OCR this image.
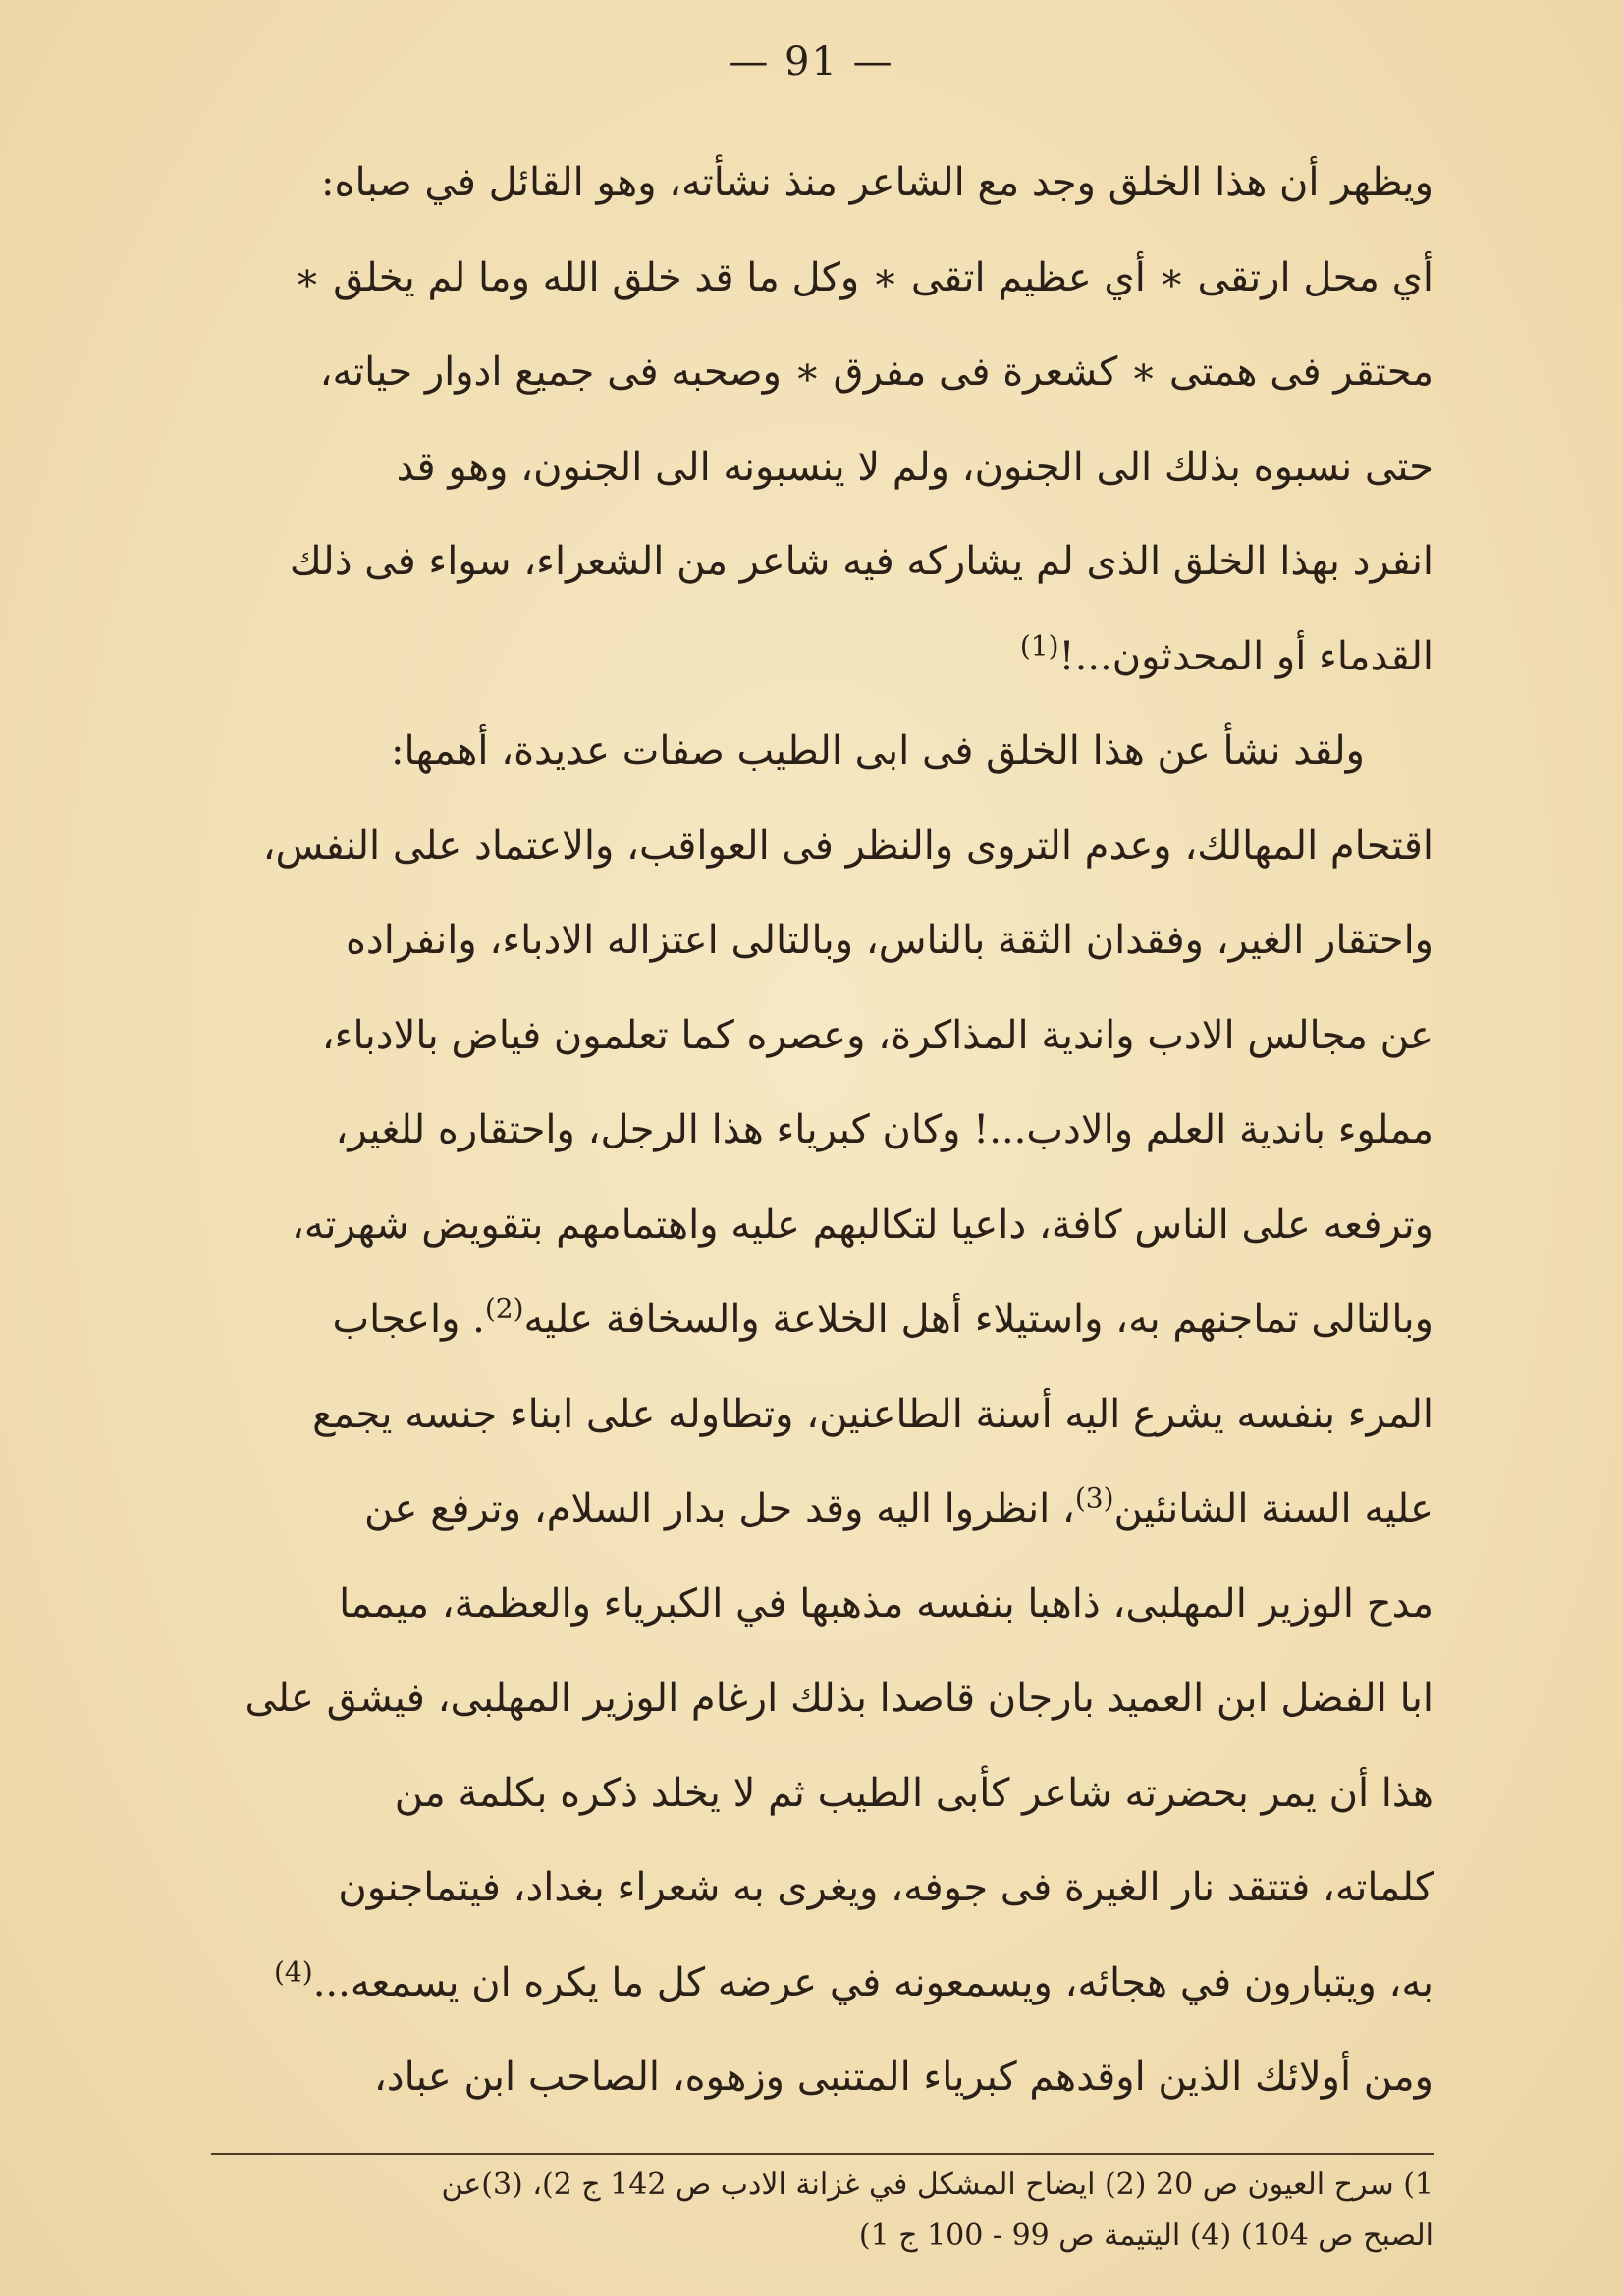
— 91 —
ويظهر أن هذا الخلق وجد مع الشاعر منذ نشأته، وهو القائل في صباه:
أي محل ارتقى ∗ أي عظيم اتقى ∗ وكل ما قد خلق الله وما لم يخلق ∗
محتقر فى همتى ∗ كشعرة فى مفرق ∗ وصحبه فى جميع ادوار حياته،
حتى نسبوه بذلك الى الجنون، ولم لا ينسبونه الى الجنون، وهو قد
انفرد بهذا الخلق الذى لم يشاركه فيه شاعر من الشعراء، سواء فى ذلك
القدماء أو المحدثون...!$^{(1)}$
ولقد نشأ عن هذا الخلق فى ابى الطيب صفات عديدة، أهمها:
اقتحام المهالك، وعدم التروى والنظر فى العواقب، والاعتماد على النفس،
واحتقار الغير، وفقدان الثقة بالناس، وبالتالى اعتزاله الادباء، وانفراده
عن مجالس الادب واندية المذاكرة، وعصره كما تعلمون فياض بالادباء،
مملوء باندية العلم والادب...! وكان كبرياء هذا الرجل، واحتقاره للغير،
وترفعه على الناس كافة، داعيا لتكالبهم عليه واهتمامهم بتقويض شهرته،
وبالتالى تماجنهم به، واستيلاء أهل الخلاعة والسخافة عليه$^{(2)}$. واعجاب
المرء بنفسه يشرع اليه أسنة الطاعنين، وتطاوله على ابناء جنسه يجمع
عليه السنة الشانئين$^{(3)}$، انظروا اليه وقد حل بدار السلام، وترفع عن
مدح الوزير المهلبى، ذاهبا بنفسه مذهبها في الكبرياء والعظمة، ميمما
ابا الفضل ابن العميد بارجان قاصدا بذلك ارغام الوزير المهلبى، فيشق على
هذا أن يمر بحضرته شاعر كأبى الطيب ثم لا يخلد ذكره بكلمة من
كلماته، فتتقد نار الغيرة فى جوفه، ويغرى به شعراء بغداد، فيتماجنون
به، ويتبارون في هجائه، ويسمعونه في عرضه كل ما يكره ان يسمعه...$^{(4)}$
ومن أولائك الذين اوقدهم كبرياء المتنبى وزهوه، الصاحب ابن عباد،
1) سرح العيون ص 20 (2) ايضاح المشكل في غزانة الادب ص 142 ج 2)، (3)عن
الصبح ص 104) (4) اليتيمة ص 99 - 100 ج 1)
